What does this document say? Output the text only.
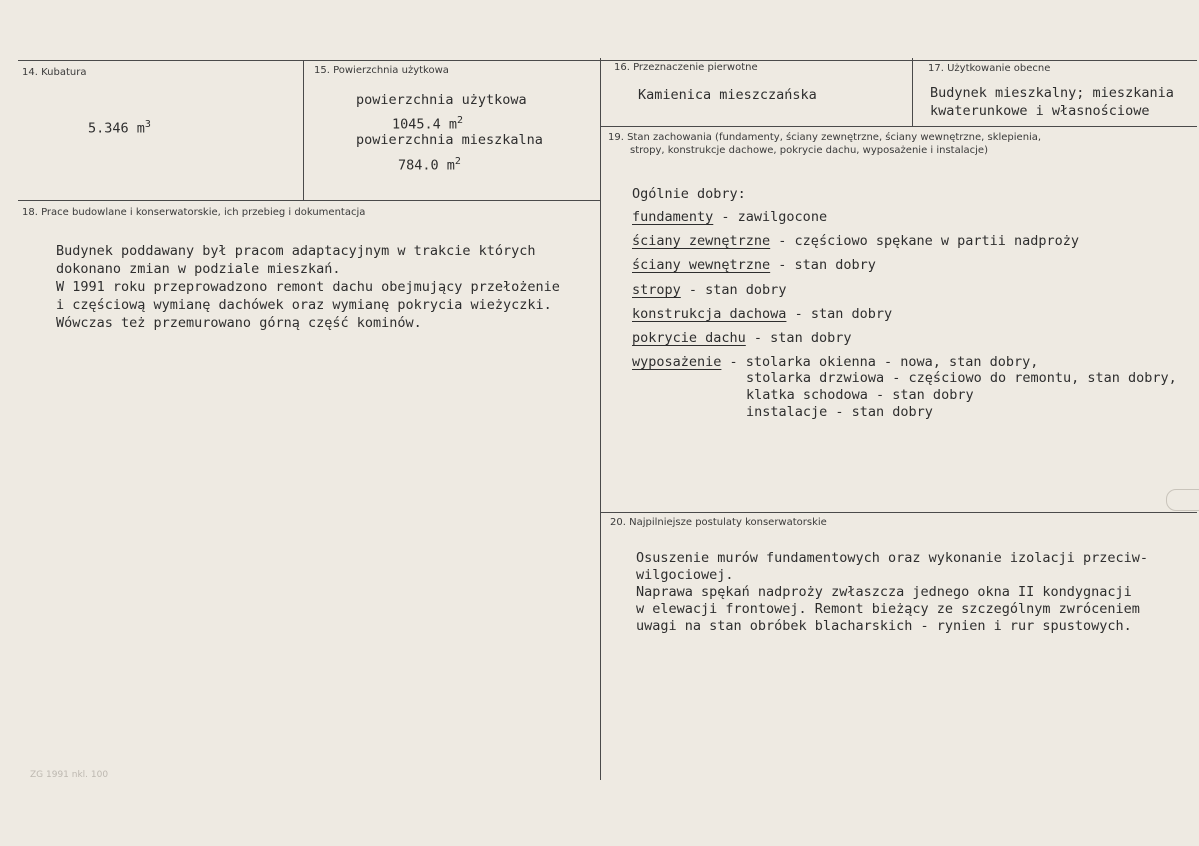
14. Kubatura
5.346 $m^3$
15. Powierzchnia użytkowa
powierzchnia użytkowa
1045.4 $m^2$
powierzchnia mieszkalna
784.0 $m^2$
16. Przeznaczenie pierwotne
Kamienica mieszczańska
17. Użytkowanie obecne
Budynek mieszkalny; mieszkania
kwaterunkowe i własnościowe
18. Prace budowlane i konserwatorskie, ich przebieg i dokumentacja
Budynek poddawany był pracom adaptacyjnym w trakcie których
dokonano zmian w podziale mieszkań.
W 1991 roku przeprowadzono remont dachu obejmujący przełożenie
i częściową wymianę dachówek oraz wymianę pokrycia wieżyczki.
Wówczas też przemurowano górną część kominów.
19. Stan zachowania (fundamenty, ściany zewnętrzne, ściany wewnętrzne, sklepienia,
stropy, konstrukcje dachowe, pokrycie dachu, wyposażenie i instalacje)
Ogólnie dobry:
fundamenty - zawilgocone
ściany zewnętrzne - częściowo spękane w partii nadproży
ściany wewnętrzne - stan dobry
stropy - stan dobry
konstrukcja dachowa - stan dobry
pokrycie dachu - stan dobry
wyposażenie - stolarka okienna - nowa, stan dobry,
stolarka drzwiowa - częściowo do remontu, stan dobry,
klatka schodowa - stan dobry
instalacje - stan dobry
20. Najpilniejsze postulaty konserwatorskie
Osuszenie murów fundamentowych oraz wykonanie izolacji przeciw-
wilgociowej.
Naprawa spękań nadproży zwłaszcza jednego okna II kondygnacji
w elewacji frontowej. Remont bieżący ze szczególnym zwróceniem
uwagi na stan obróbek blacharskich - rynien i rur spustowych.
ZG 1991 nkl. 100
